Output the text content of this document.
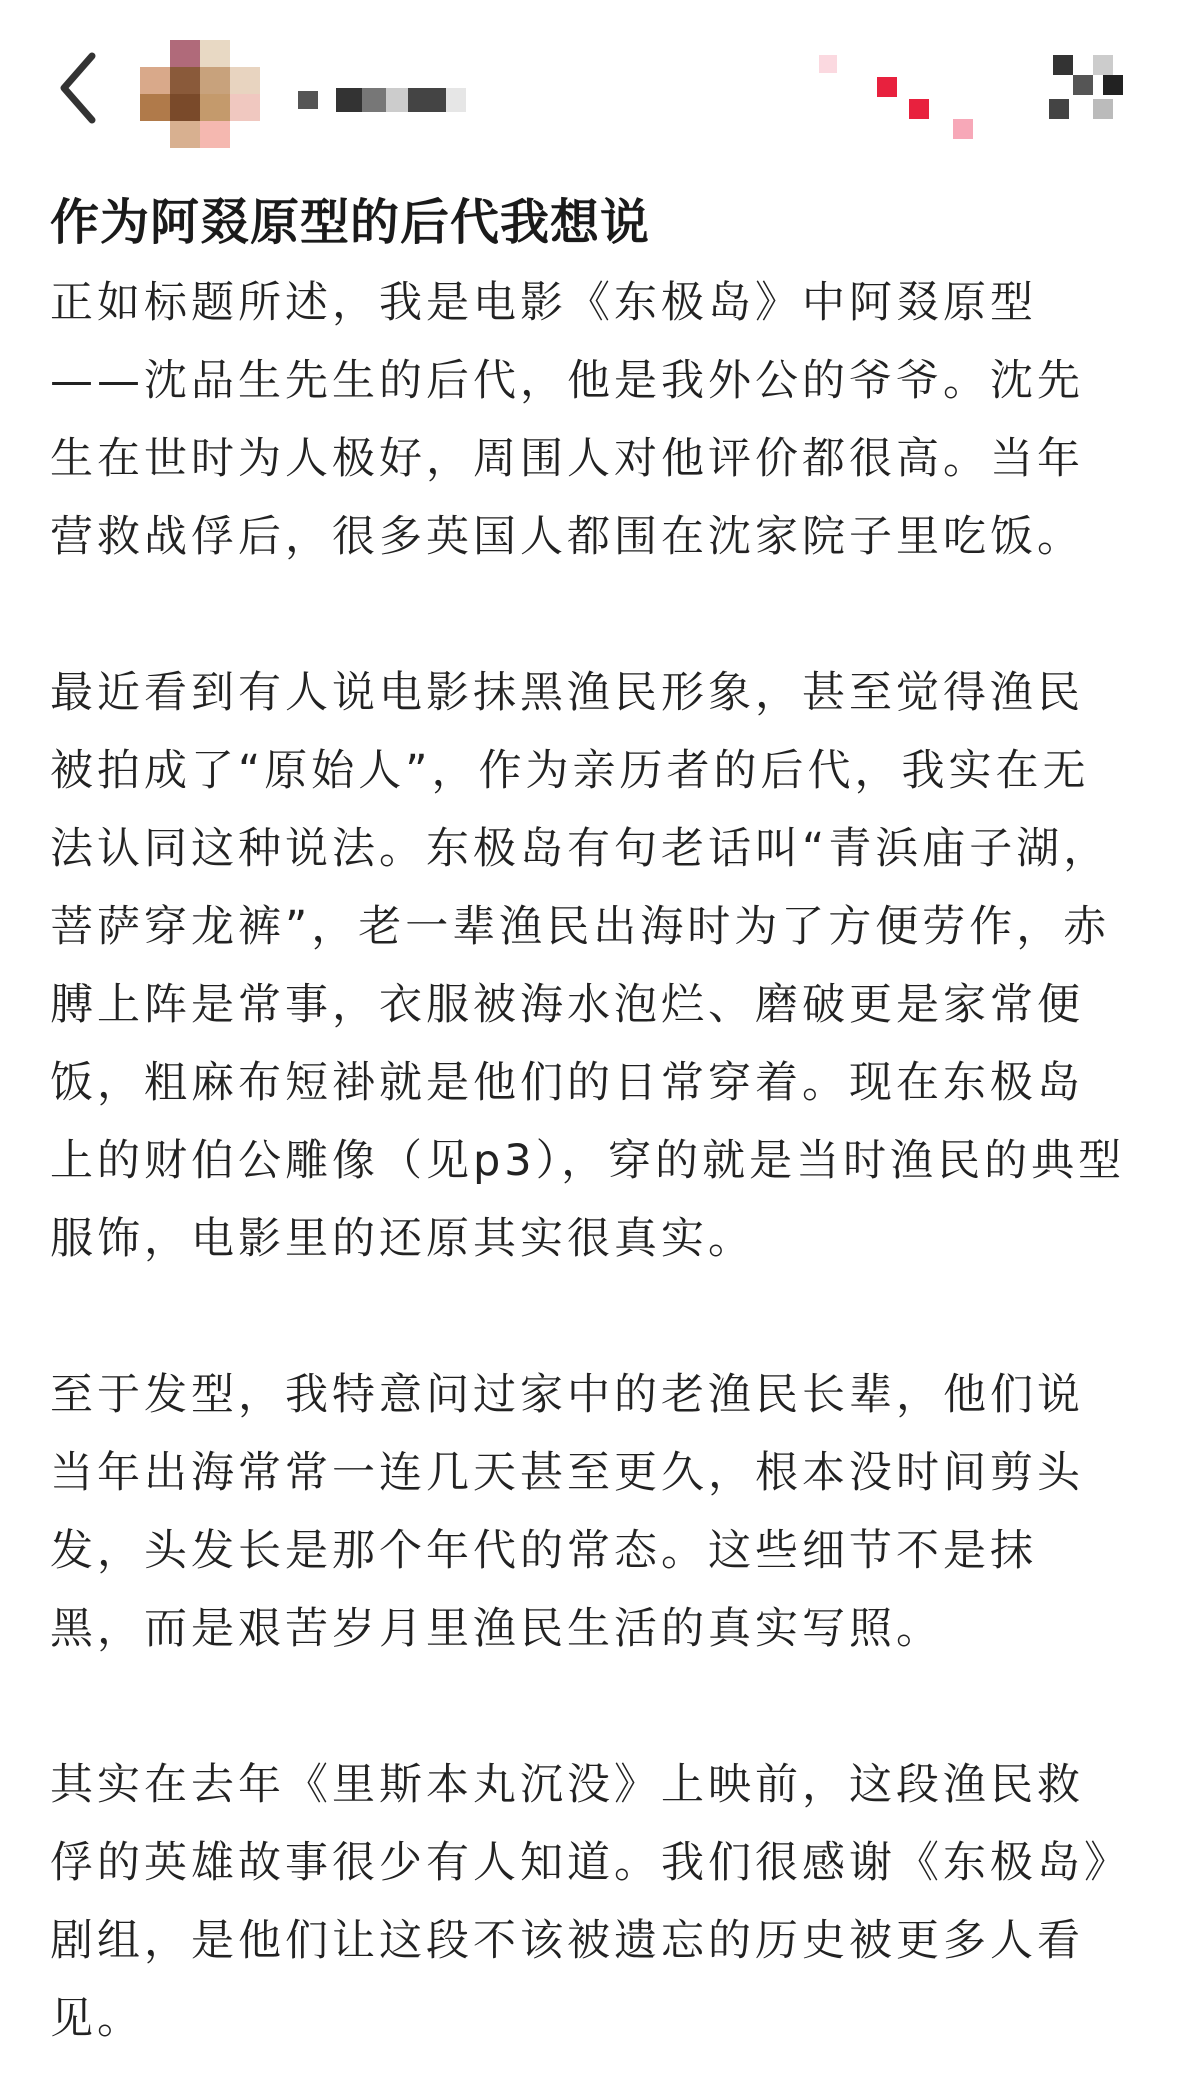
作为阿叕原型的后代我想说

正如标题所述，我是电影《东极岛》中阿叕原型——沈品生先生的后代，他是我外公的爷爷。沈先生在世时为人极好，周围人对他评价都很高。当年营救战俘后，很多英国人都围在沈家院子里吃饭。

最近看到有人说电影抹黑渔民形象，甚至觉得渔民被拍成了“原始人”，作为亲历者的后代，我实在无法认同这种说法。东极岛有句老话叫“青浜庙子湖，菩萨穿龙裤”，老一辈渔民出海时为了方便劳作，赤膊上阵是常事，衣服被海水泡烂、磨破更是家常便饭，粗麻布短褂就是他们的日常穿着。现在东极岛上的财伯公雕像（见p3），穿的就是当时渔民的典型服饰，电影里的还原其实很真实。

至于发型，我特意问过家中的老渔民长辈，他们说当年出海常常一连几天甚至更久，根本没时间剪头发，头发长是那个年代的常态。这些细节不是抹黑，而是艰苦岁月里渔民生活的真实写照。

其实在去年《里斯本丸沉没》上映前，这段渔民救俘的英雄故事很少有人知道。我们很感谢《东极岛》剧组，是他们让这段不该被遗忘的历史被更多人看见。
